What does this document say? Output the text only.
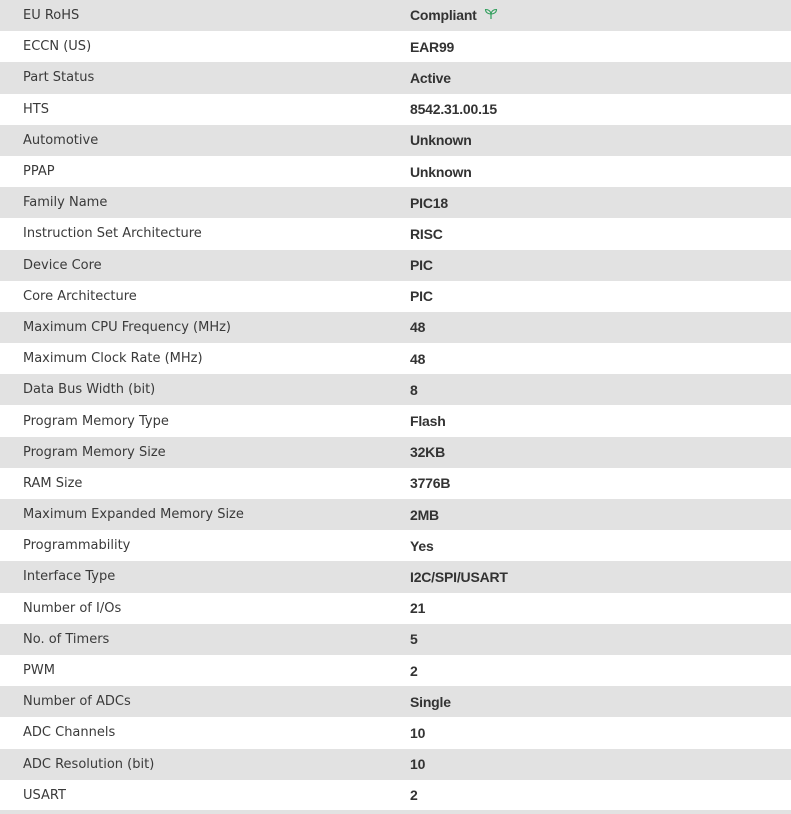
EU RoHS	Compliant
ECCN (US)	EAR99
Part Status	Active
HTS	8542.31.00.15
Automotive	Unknown
PPAP	Unknown
Family Name	PIC18
Instruction Set Architecture	RISC
Device Core	PIC
Core Architecture	PIC
Maximum CPU Frequency (MHz)	48
Maximum Clock Rate (MHz)	48
Data Bus Width (bit)	8
Program Memory Type	Flash
Program Memory Size	32KB
RAM Size	3776B
Maximum Expanded Memory Size	2MB
Programmability	Yes
Interface Type	I2C/SPI/USART
Number of I/Os	21
No. of Timers	5
PWM	2
Number of ADCs	Single
ADC Channels	10
ADC Resolution (bit)	10
USART	2
